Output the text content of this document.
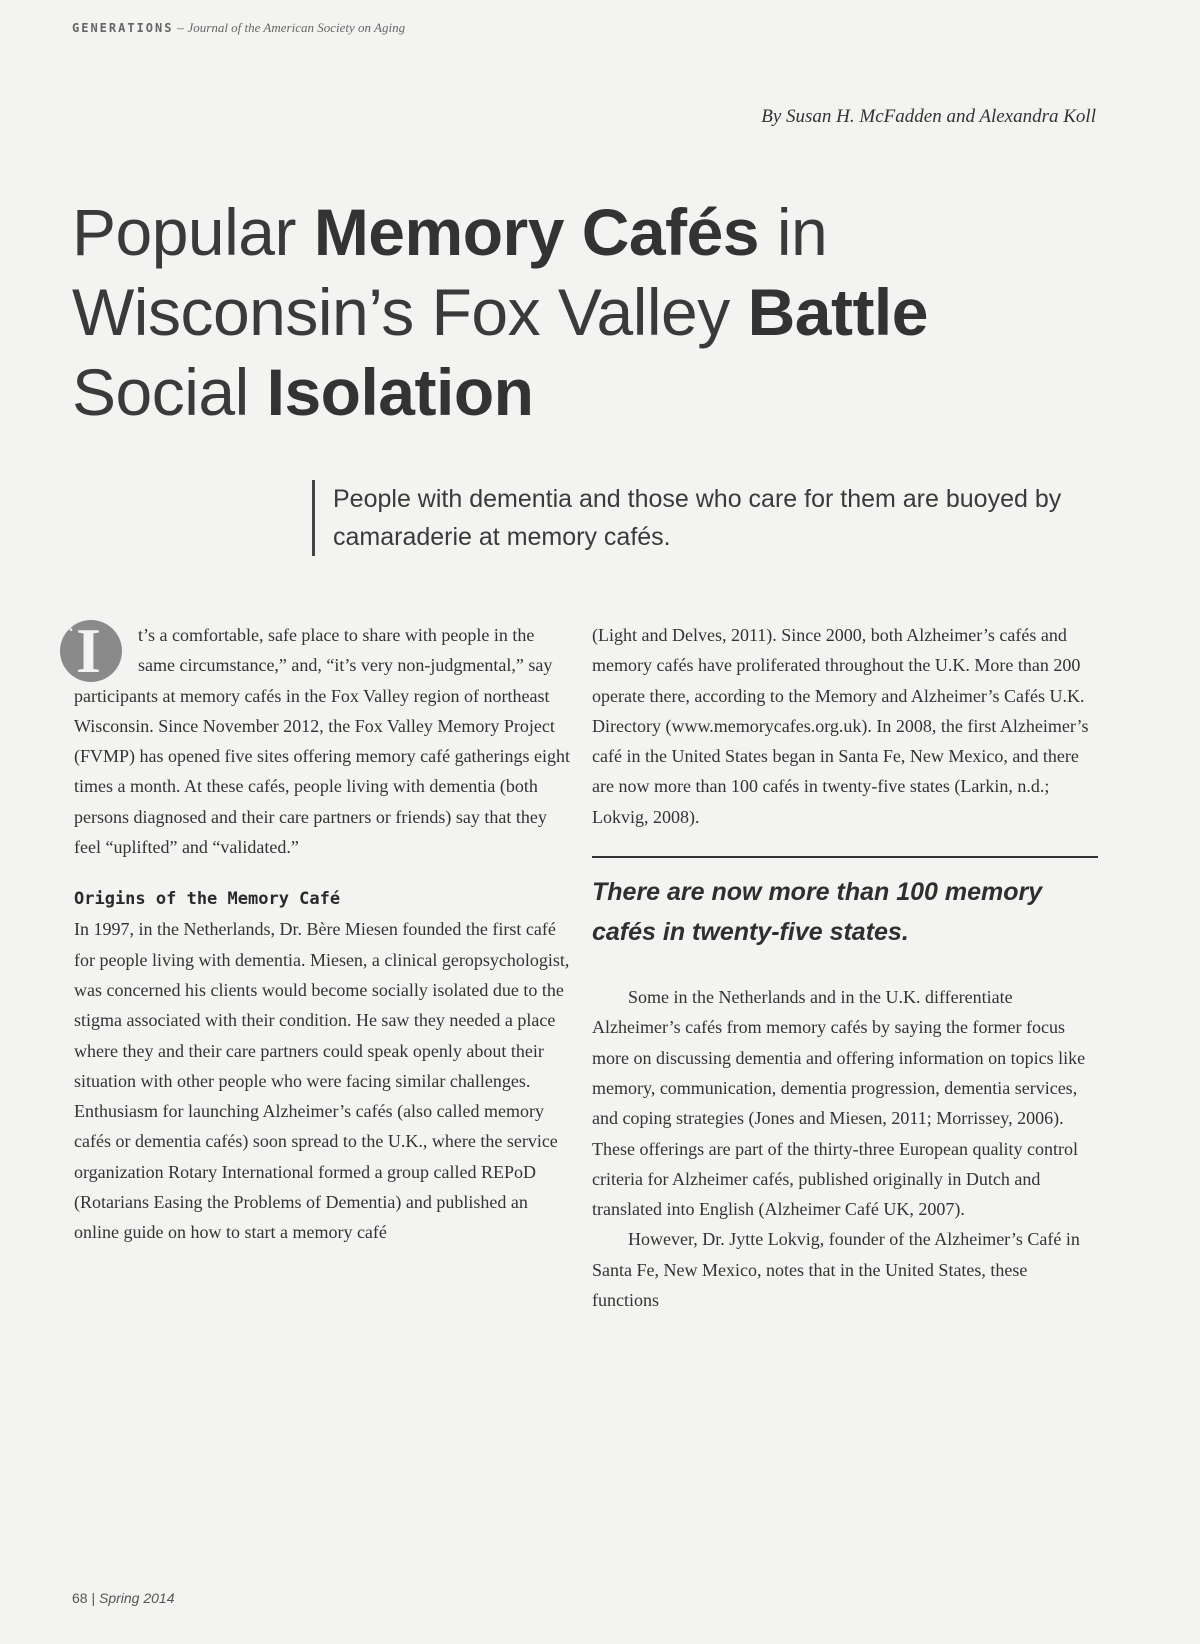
GENERATIONS – Journal of the American Society on Aging
By Susan H. McFadden and Alexandra Koll
Popular Memory Cafés in
Wisconsin’s Fox Valley Battle
Social Isolation
People with dementia and those who care for them are buoyed by camaraderie at memory cafés.

“ I t’s a comfortable, safe place to share with people in the same circumstance,” and, “it’s very non-judgmental,” say participants at memory cafés in the Fox Valley region of northeast Wisconsin. Since November 2012, the Fox Valley Memory Project (FVMP) has opened five sites offering memory café gatherings eight times a month. At these cafés, people living with dementia (both persons diagnosed and their care partners or friends) say that they feel “uplifted” and “validated.”

Origins of the Memory Café

In 1997, in the Netherlands, Dr. Bère Miesen founded the first café for people living with dementia. Miesen, a clinical geropsychologist, was concerned his clients would become socially isolated due to the stigma associated with their condition. He saw they needed a place where they and their care partners could speak openly about their situation with other people who were facing similar challenges. Enthusiasm for launching Alzheimer’s cafés (also called memory cafés or dementia cafés) soon spread to the U.K., where the service organization Rotary International formed a group called REPoD (Rotarians Easing the Problems of Dementia) and published an online guide on how to start a memory café

(Light and Delves, 2011). Since 2000, both Alzheimer’s cafés and memory cafés have proliferated throughout the U.K. More than 200 operate there, according to the Memory and Alzheimer’s Cafés U.K. Directory (www.memorycafes.org.uk). In 2008, the first Alzheimer’s café in the United States began in Santa Fe, New Mexico, and there are now more than 100 cafés in twenty-five states (Larkin, n.d.; Lokvig, 2008).

There are now more than 100 memory cafés in twenty-five states.

Some in the Netherlands and in the U.K. differentiate Alzheimer’s cafés from memory cafés by saying the former focus more on discussing dementia and offering information on topics like memory, communication, dementia progression, dementia services, and coping strategies (Jones and Miesen, 2011; Morrissey, 2006). These offerings are part of the thirty-three European quality control criteria for Alzheimer cafés, published originally in Dutch and translated into English (Alzheimer Café UK, 2007).

However, Dr. Jytte Lokvig, founder of the Alzheimer’s Café in Santa Fe, New Mexico, notes that in the United States, these functions

68 | Spring 2014
